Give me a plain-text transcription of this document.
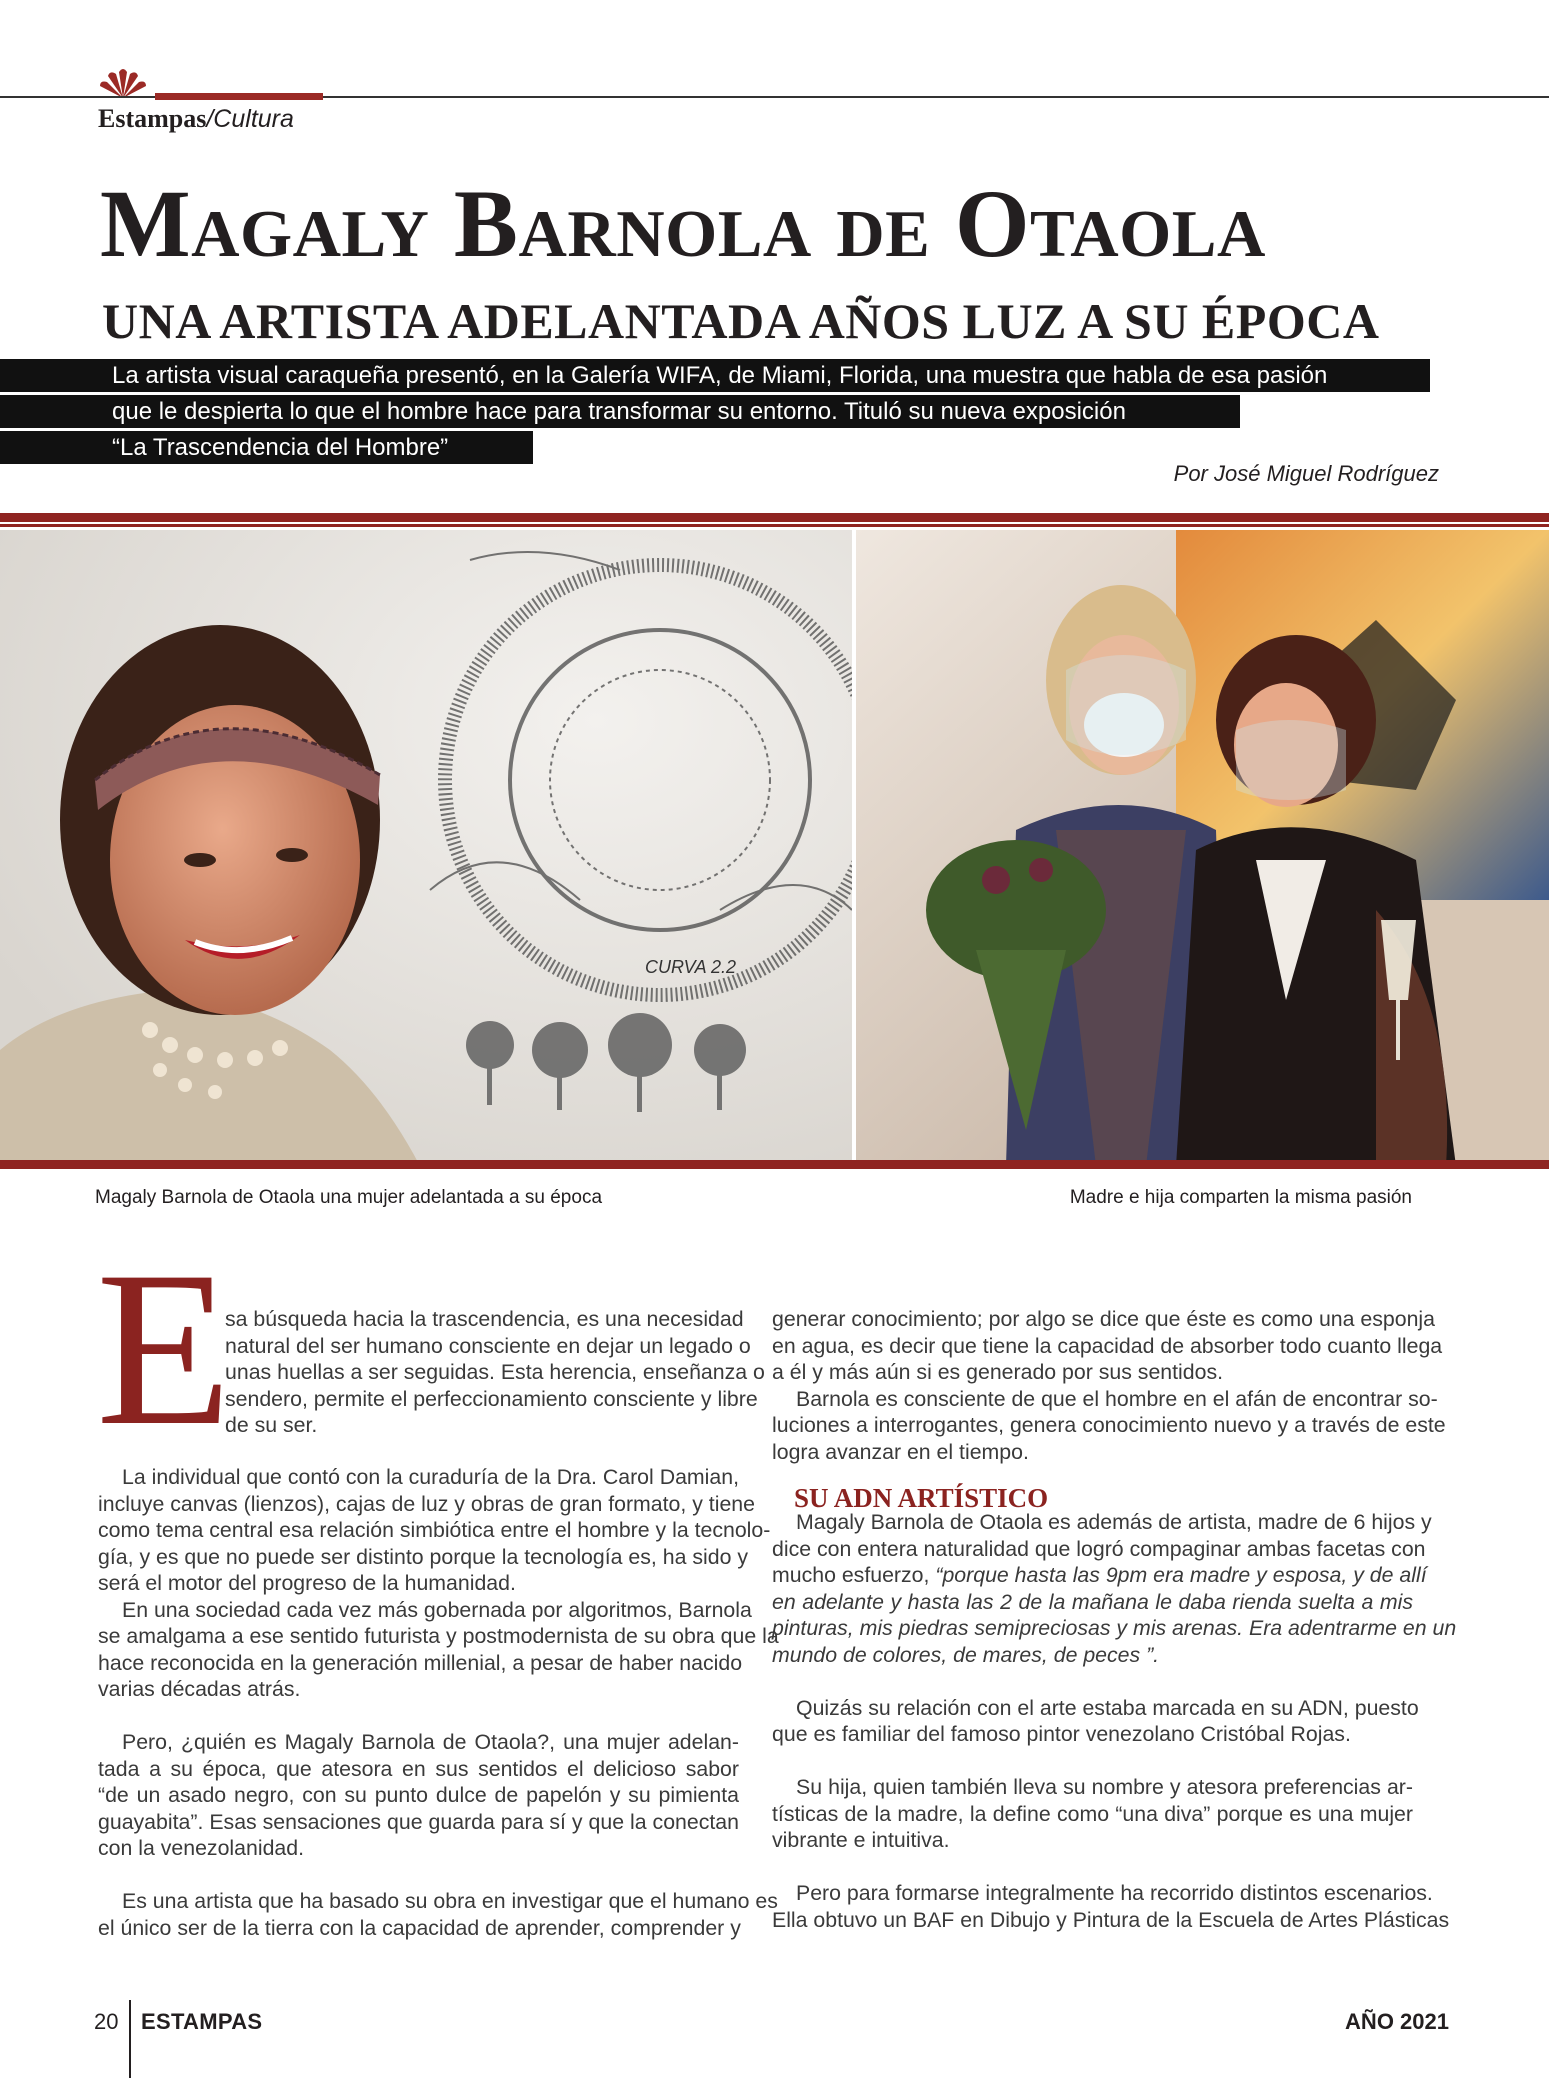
Estampas/Cultura
Magaly Barnola de Otaola
UNA ARTISTA ADELANTADA AÑOS LUZ A SU ÉPOCA
La artista visual caraqueña presentó, en la Galería WIFA, de Miami, Florida, una muestra que habla de esa pasión
que le despierta lo que el hombre hace para transformar su entorno. Tituló su nueva exposición
“La Trascendencia del Hombre”
Por José Miguel Rodríguez
CURVA 2.2
Magaly Barnola de Otaola una mujer adelantada a su época	Madre e hija comparten la misma pasión
E
sa búsqueda hacia la trascendencia, es una necesidad
natural del ser humano consciente en dejar un legado o
unas huellas a ser seguidas. Esta herencia, enseñanza o
sendero, permite el perfeccionamiento consciente y libre
de su ser.
La individual que contó con la curaduría de la Dra. Carol Damian,
incluye canvas (lienzos), cajas de luz y obras de gran formato, y tiene
como tema central esa relación simbiótica entre el hombre y la tecnolo-
gía, y es que no puede ser distinto porque la tecnología es, ha sido y
será el motor del progreso de la humanidad.
En una sociedad cada vez más gobernada por algoritmos, Barnola
se amalgama a ese sentido futurista y postmodernista de su obra que la
hace reconocida en la generación millenial, a pesar de haber nacido
varias décadas atrás.
Pero, ¿quién es Magaly Barnola de Otaola?, una mujer adelan-
tada a su época, que atesora en sus sentidos el delicioso sabor
“de un asado negro, con su punto dulce de papelón y su pimienta
guayabita”. Esas sensaciones que guarda para sí y que la conectan
con la venezolanidad.
Es una artista que ha basado su obra en investigar que el humano es
el único ser de la tierra con la capacidad de aprender, comprender y
generar conocimiento; por algo se dice que éste es como una esponja
en agua, es decir que tiene la capacidad de absorber todo cuanto llega
a él y más aún si es generado por sus sentidos.
Barnola es consciente de que el hombre en el afán de encontrar so-
luciones a interrogantes, genera conocimiento nuevo y a través de este
logra avanzar en el tiempo.
SU ADN ARTÍSTICO
Magaly Barnola de Otaola es además de artista, madre de 6 hijos y
dice con entera naturalidad que logró compaginar ambas facetas con
mucho esfuerzo, “porque hasta las 9pm era madre y esposa, y de allí
en adelante y hasta las 2 de la mañana le daba rienda suelta a mis
pinturas, mis piedras semipreciosas y mis arenas. Era adentrarme en un
mundo de colores, de mares, de peces ”.
Quizás su relación con el arte estaba marcada en su ADN, puesto
que es familiar del famoso pintor venezolano Cristóbal Rojas.
Su hija, quien también lleva su nombre y atesora preferencias ar-
tísticas de la madre, la define como “una diva” porque es una mujer
vibrante e intuitiva.
Pero para formarse integralmente ha recorrido distintos escenarios.
Ella obtuvo un BAF en Dibujo y Pintura de la Escuela de Artes Plásticas
20 ESTAMPAS	AÑO 2021
